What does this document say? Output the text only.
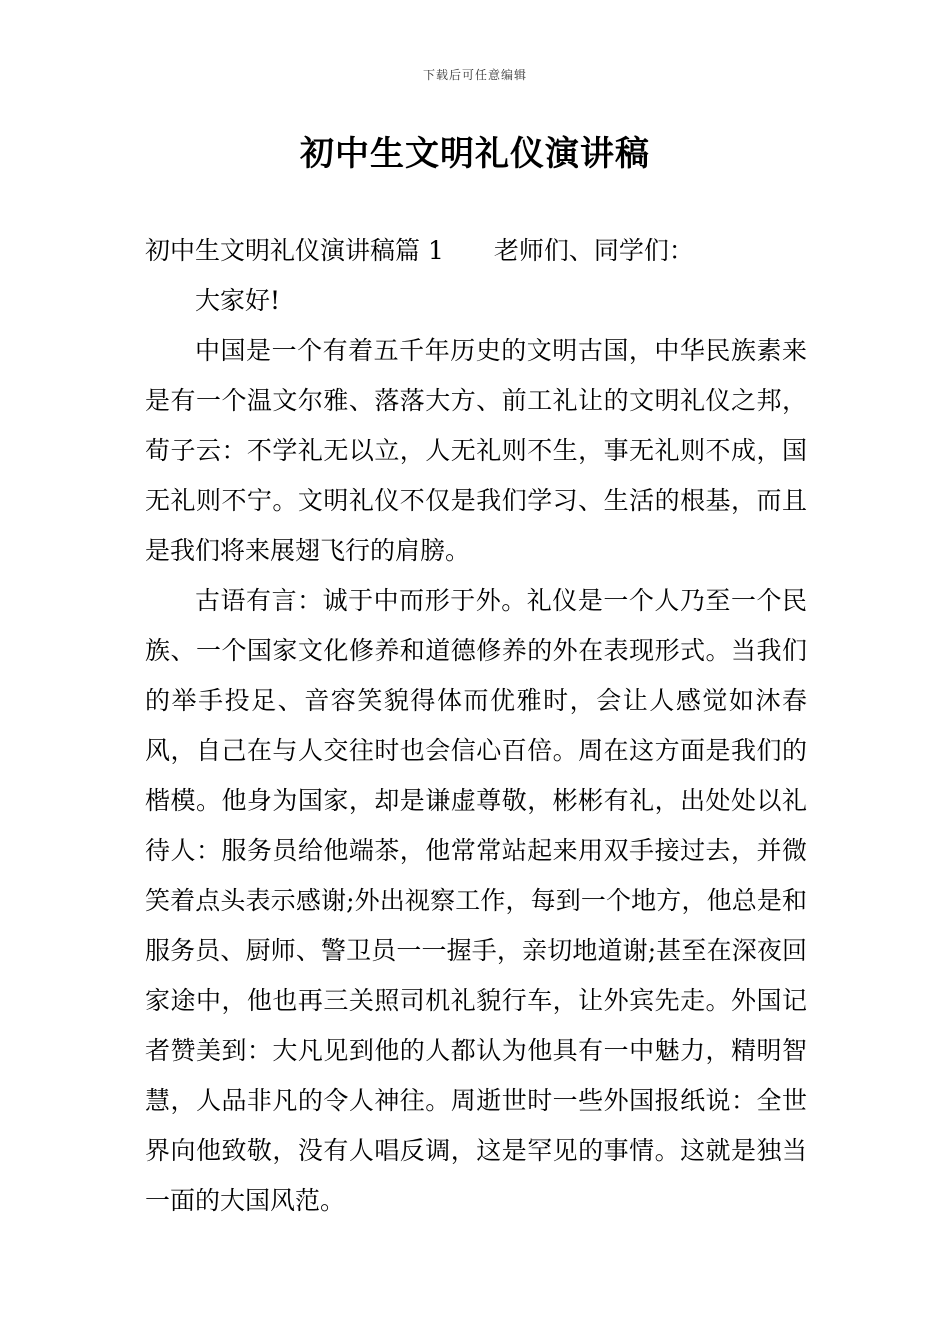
下载后可任意编辑
初中生文明礼仪演讲稿

初中生文明礼仪演讲稿篇 1 老师们、同学们：

大家好!

中国是一个有着五千年历史的文明古国，中华民族素来是有一个温文尔雅、落落大方、前工礼让的文明礼仪之邦，荀子云：不学礼无以立，人无礼则不生，事无礼则不成，国无礼则不宁。文明礼仪不仅是我们学习、生活的根基，而且是我们将来展翅飞行的肩膀。

古语有言：诚于中而形于外。礼仪是一个人乃至一个民族、一个国家文化修养和道德修养的外在表现形式。当我们的举手投足、音容笑貌得体而优雅时，会让人感觉如沐春风，自己在与人交往时也会信心百倍。周在这方面是我们的楷模。他身为国家，却是谦虚尊敬，彬彬有礼，出处处以礼待人：服务员给他端茶，他常常站起来用双手接过去，并微笑着点头表示感谢;外出视察工作，每到一个地方，他总是和服务员、厨师、警卫员一一握手，亲切地道谢;甚至在深夜回家途中，他也再三关照司机礼貌行车，让外宾先走。外国记者赞美到：大凡见到他的人都认为他具有一中魅力，精明智慧，人品非凡的令人神往。周逝世时一些外国报纸说：全世界向他致敬，没有人唱反调，这是罕见的事情。这就是独当一面的大国风范。
